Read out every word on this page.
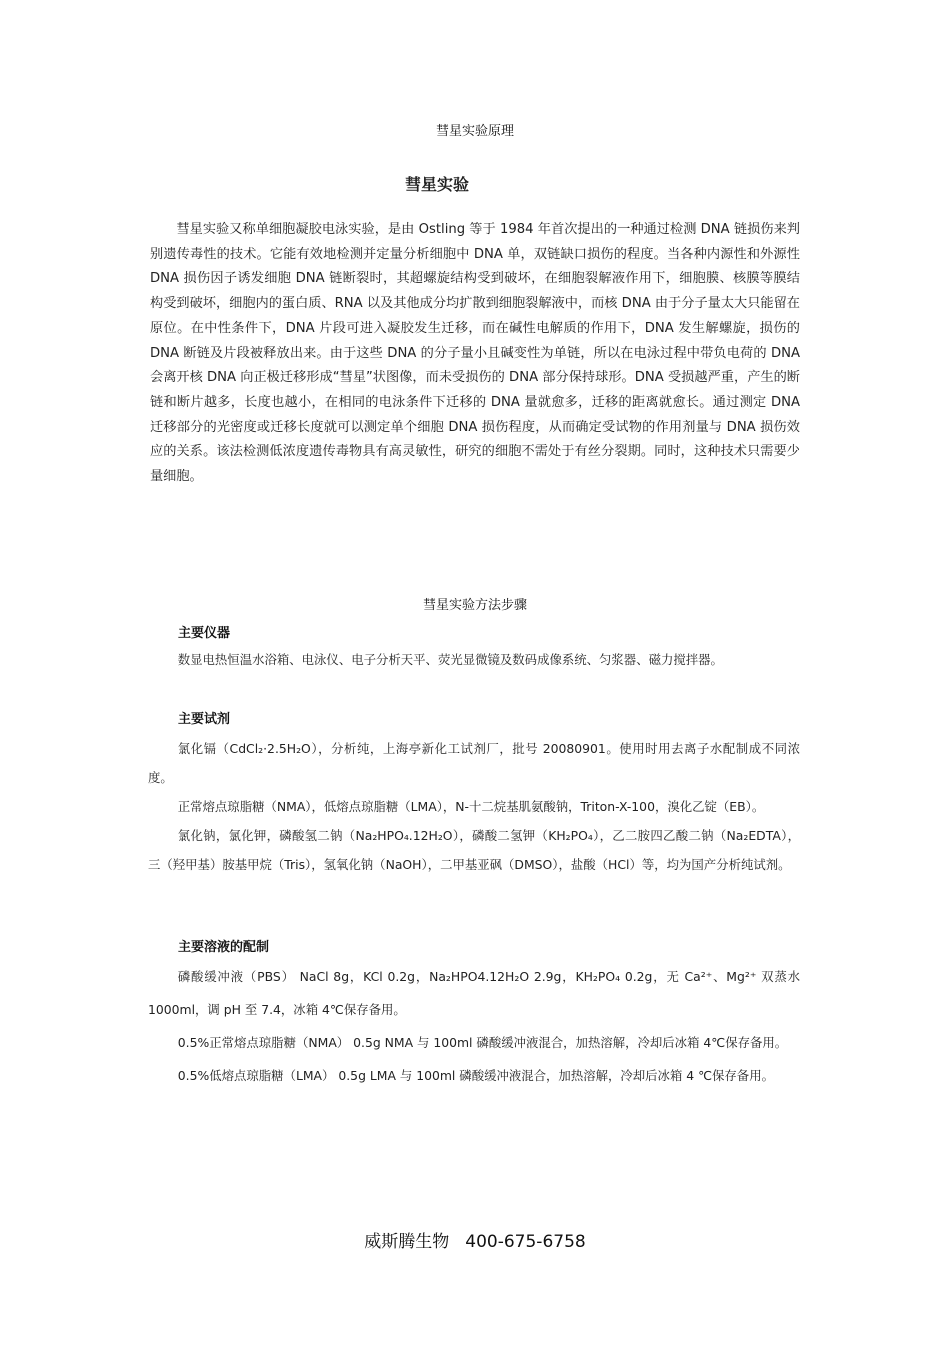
彗星实验原理
彗星实验

彗星实验又称单细胞凝胶电泳实验，是由 Ostling 等于 1984 年首次提出的一种通过检测 DNA 链损伤来判别遗传毒性的技术。它能有效地检测并定量分析细胞中 DNA 单，双链缺口损伤的程度。当各种内源性和外源性 DNA 损伤因子诱发细胞 DNA 链断裂时，其超螺旋结构受到破坏，在细胞裂解液作用下，细胞膜、核膜等膜结构受到破坏，细胞内的蛋白质、RNA 以及其他成分均扩散到细胞裂解液中，而核 DNA 由于分子量太大只能留在原位。在中性条件下，DNA 片段可进入凝胶发生迁移，而在碱性电解质的作用下，DNA 发生解螺旋，损伤的 DNA 断链及片段被释放出来。由于这些 DNA 的分子量小且碱变性为单链，所以在电泳过程中带负电荷的 DNA 会离开核 DNA 向正极迁移形成“彗星”状图像，而未受损伤的 DNA 部分保持球形。DNA 受损越严重，产生的断链和断片越多，长度也越小，在相同的电泳条件下迁移的 DNA 量就愈多，迁移的距离就愈长。通过测定 DNA 迁移部分的光密度或迁移长度就可以测定单个细胞 DNA 损伤程度，从而确定受试物的作用剂量与 DNA 损伤效应的关系。该法检测低浓度遗传毒物具有高灵敏性，研究的细胞不需处于有丝分裂期。同时，这种技术只需要少量细胞。

彗星实验方法步骤
主要仪器

数显电热恒温水浴箱、电泳仪、电子分析天平、荧光显微镜及数码成像系统、匀浆器、磁力搅拌器。

主要试剂

氯化镉（CdCl₂·2.5H₂O），分析纯，上海亭新化工试剂厂，批号 20080901。使用时用去离子水配制成不同浓度。

正常熔点琼脂糖（NMA），低熔点琼脂糖（LMA），N-十二烷基肌氨酸钠，Triton-X-100，溴化乙锭（EB）。

氯化钠，氯化钾，磷酸氢二钠（Na₂HPO₄.12H₂O），磷酸二氢钾（KH₂PO₄），乙二胺四乙酸二钠（Na₂EDTA），三（羟甲基）胺基甲烷（Tris），氢氧化钠（NaOH），二甲基亚砜（DMSO），盐酸（HCl）等，均为国产分析纯试剂。

主要溶液的配制

磷酸缓冲液（PBS） NaCl 8g，KCl 0.2g，Na₂HPO4.12H₂O 2.9g，KH₂PO₄ 0.2g，无 Ca²⁺、Mg²⁺ 双蒸水 1000ml，调 pH 至 7.4，冰箱 4℃保存备用。

0.5%正常熔点琼脂糖（NMA） 0.5g NMA 与 100ml 磷酸缓冲液混合，加热溶解，冷却后冰箱 4℃保存备用。

0.5%低熔点琼脂糖（LMA） 0.5g LMA 与 100ml 磷酸缓冲液混合，加热溶解，冷却后冰箱 4 ℃保存备用。

威斯腾生物 400-675-6758
